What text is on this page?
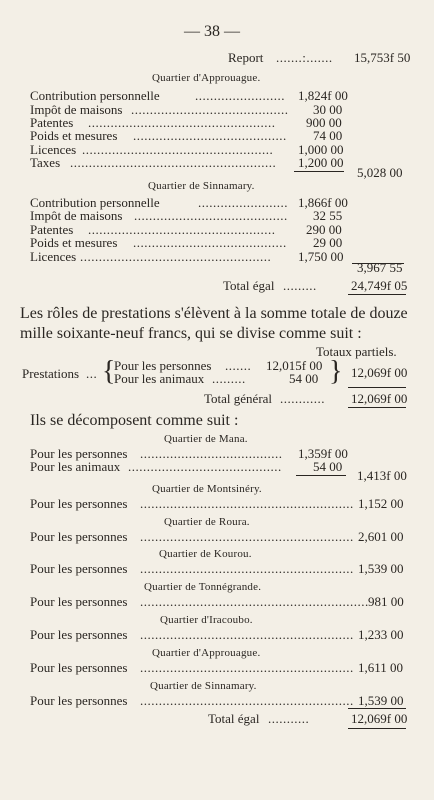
— 38 —
Report .......:....... 15,753f 50
Quartier d'Approuague.
Contribution personnelle	........................ 1,824f 00
Impôt de maisons .......................................... 30 00
Patentes .................................................. 900 00
Poids et mesures ......................................... 74 00
Licences ................................................... 1,000 00
Taxes ....................................................... 1,200 00
5,028 00
Quartier de Sinnamary.
Contribution personnelle	........................ 1,866f 00
Impôt de maisons ......................................... 32 55
Patentes .................................................. 290 00
Poids et mesures ......................................... 29 00
Licences ................................................... 1,750 00
3,967 55
Total égal .........	24,749f 05
Les rôles de prestations s'élèvent à la somme totale de douze
mille soixante-neuf francs, qui se divise comme suit :
Totaux partiels.
Prestations ... {
Pour les personnes ....... 12,015f 00
Pour les animaux .........	54 00 } 12,069f 00
Total général ............ 12,069f 00
Ils se décomposent comme suit :
Quartier de Mana.
Pour les personnes ...................................... 1,359f 00
Pour les animaux ......................................... 54 00
1,413f 00
Quartier de Montsinéry.
Pour les personnes ......................................................... 1,152 00
Quartier de Roura.
Pour les personnes ......................................................... 2,601 00
Quartier de Kourou.
Pour les personnes ......................................................... 1,539 00
Quartier de Tonnégrande.
Pour les personnes ............................................................. 981 00
Quartier d'Iracoubo.
Pour les personnes ......................................................... 1,233 00
Quartier d'Approuague.
Pour les personnes ......................................................... 1,611 00
Quartier de Sinnamary.
Pour les personnes ......................................................... 1,539 00
Total égal ...........	12,069f 00
